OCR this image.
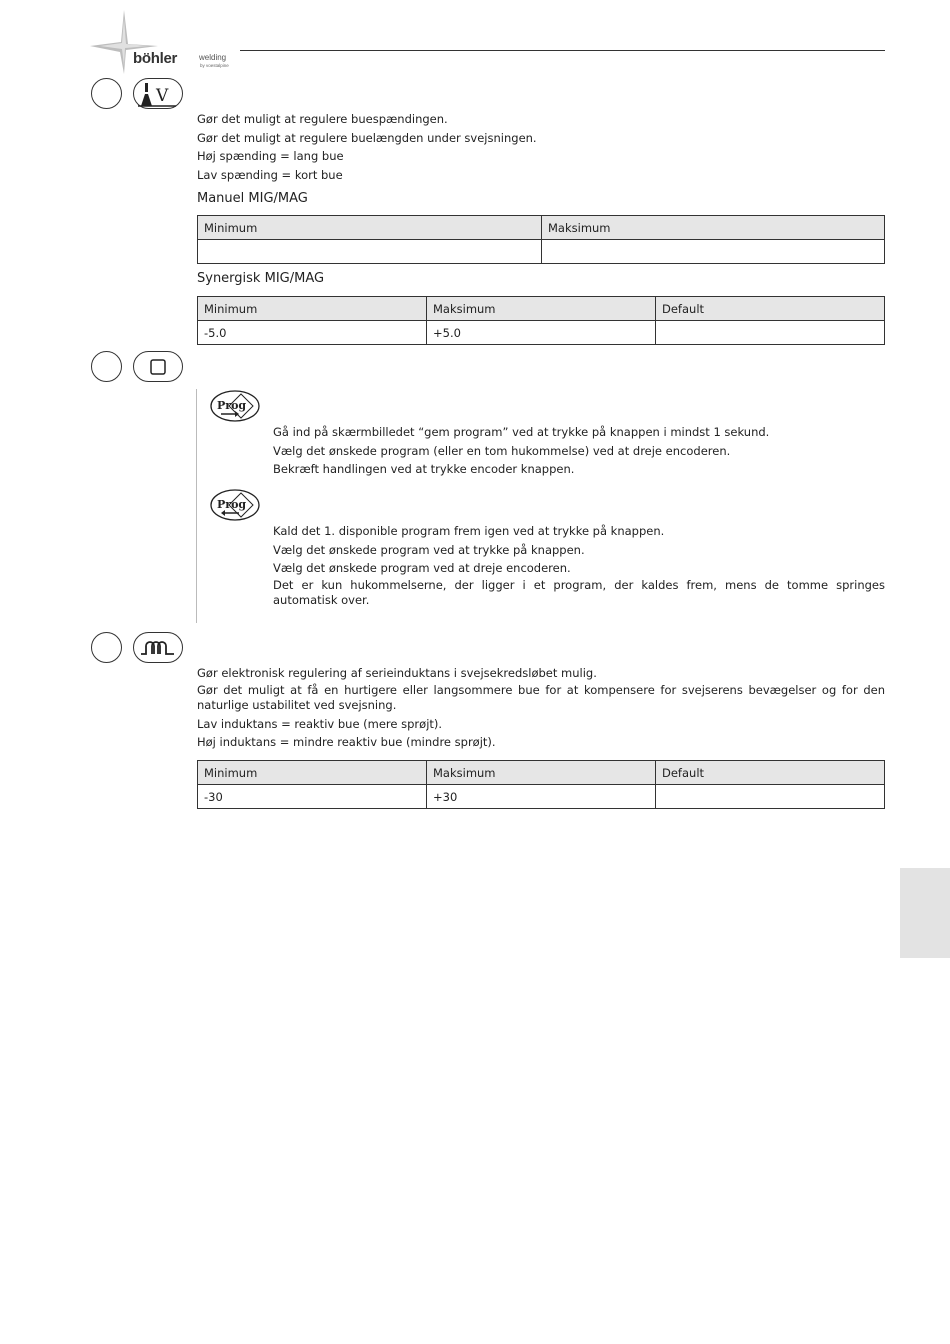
böhler	welding
by voestalpine
V

Gør det muligt at regulere buespændingen.

Gør det muligt at regulere buelængden under svejsningen.

Høj spænding = lang bue

Lav spænding = kort bue

Manuel MIG/MAG
Minimum	Maksimum

Synergisk MIG/MAG
Minimum	Maksimum	Default
-5.0	+5.0	
Prog

Gå ind på skærmbilledet “gem program” ved at trykke på knappen i mindst 1 sekund.

Vælg det ønskede program (eller en tom hukommelse) ved at dreje encoderen.

Bekræft handlingen ved at trykke encoder knappen.

Prog

Kald det 1. disponible program frem igen ved at trykke på knappen.

Vælg det ønskede program ved at trykke på knappen.

Vælg det ønskede program ved at dreje encoderen.

Det er kun hukommelserne, der ligger i et program, der kaldes frem, mens de tomme springes automatisk over.

Gør elektronisk regulering af serieinduktans i svejsekredsløbet mulig.

Gør det muligt at få en hurtigere eller langsommere bue for at kompensere for svejserens bevægelser og for den naturlige ustabilitet ved svejsning.

Lav induktans = reaktiv bue (mere sprøjt).

Høj induktans = mindre reaktiv bue (mindre sprøjt).

Minimum	Maksimum	Default
-30	+30	
